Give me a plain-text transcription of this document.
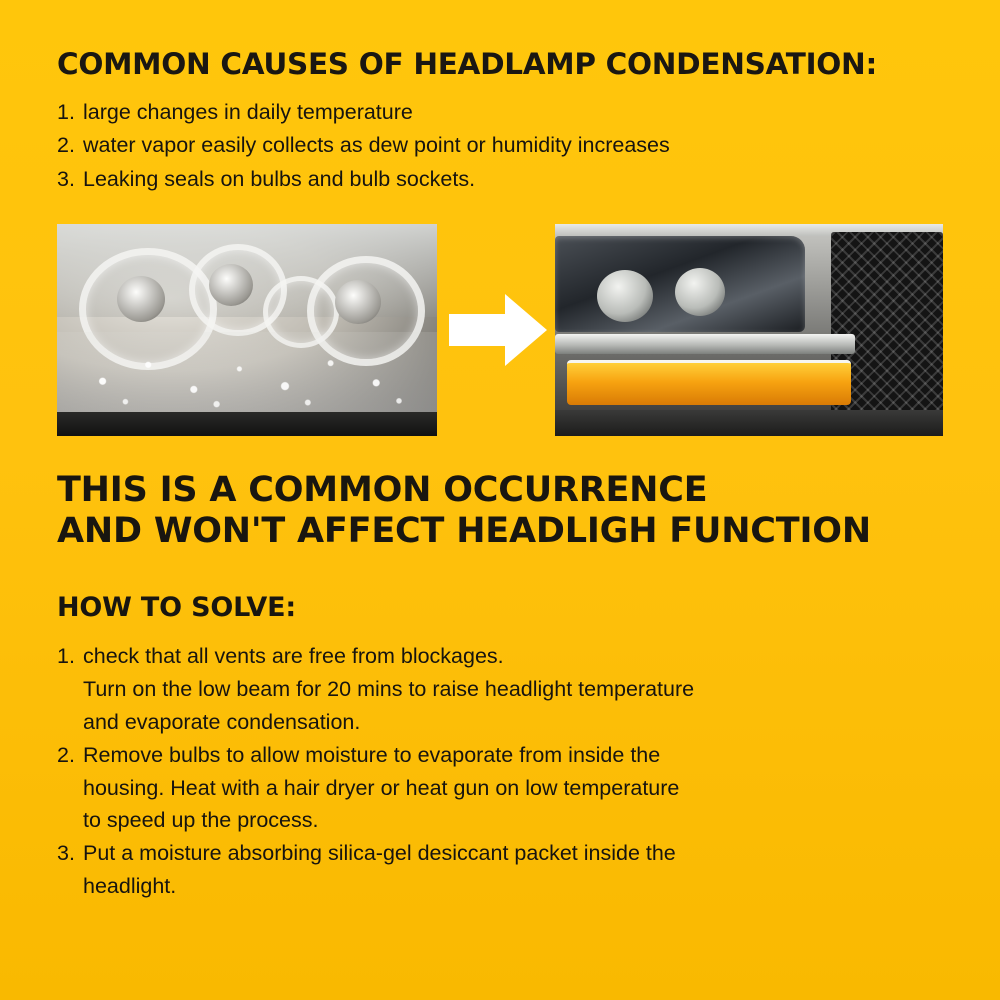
COMMON CAUSES OF HEADLAMP CONDENSATION:
1. large changes in daily temperature
2. water vapor easily collects as dew point or humidity increases
3. Leaking seals on bulbs and bulb sockets.
THIS IS A COMMON OCCURRENCE
AND WON'T AFFECT HEADLIGH FUNCTION
HOW TO SOLVE:
1. check that all vents are free from blockages.
Turn on the low beam for 20 mins to raise headlight temperature
and evaporate condensation.
2. Remove bulbs to allow moisture to evaporate from inside the
housing. Heat with a hair dryer or heat gun on low temperature
to speed up the process.
3. Put a moisture absorbing silica-gel desiccant packet inside the
headlight.
